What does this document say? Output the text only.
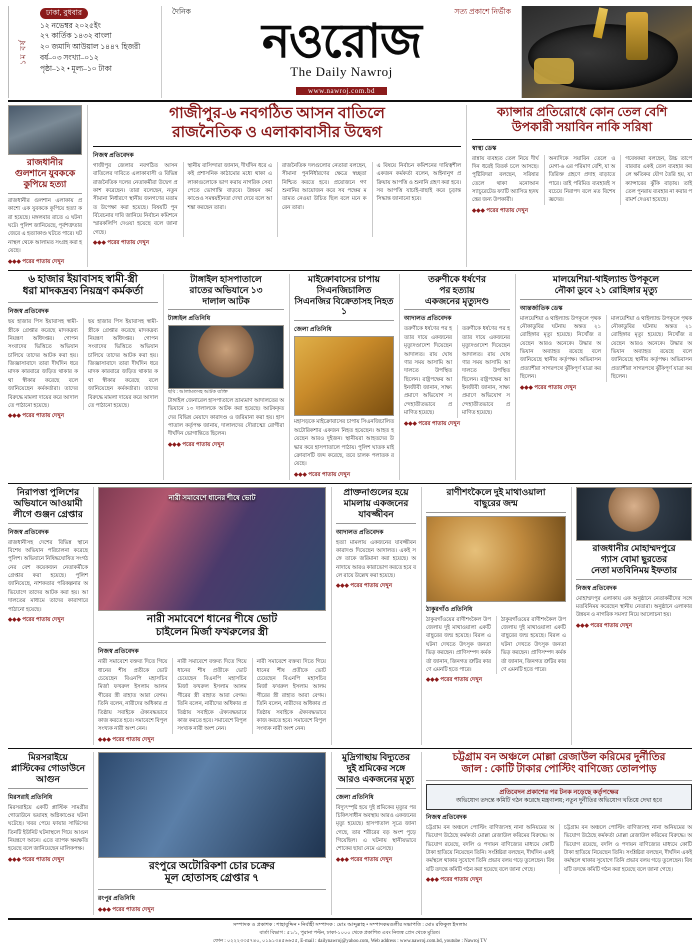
১ম বর্ষ
ঢাকা, বুধবার
১২ নভেম্বর ২০২৫ইং
২৭ কার্তিক ১৪৩২ বাংলা
২০ জমাদি আউয়াল ১৪৪৭ হিজরী
বর্ষ–০৩ সংখ্যা–০১২
পৃষ্ঠা–১২ • মূল্য–১০ টাকা
দৈনিক	সত্য প্রকাশে নির্ভীক
নওরোজ
The Daily Nawroj
www.nawroj.com.bd
রাজধানীর
গুলশানে যুবককে
কুপিয়ে হত্যা
রাজধানীর গুলশান এলাকায় প্রকাশ্যে এক যুবককে কুপিয়ে হত্যা করা হয়েছে। মঙ্গলবার রাতে এ ঘটনা ঘটে। পুলিশ জানিয়েছে, পূর্বশত্রুতার জেরে এ হত্যাকাণ্ড ঘটতে পারে। ঘটনাস্থল থেকে আলামত সংগ্রহ করা হয়েছে।
◆◆◆ পরের পাতায় দেখুন
গাজীপুর-৬ নবগঠিত আসন বাতিলে
রাজনৈতিক ও এলাকাবাসীর উদ্বেগ
নিজস্ব প্রতিবেদক
গাজীপুর জেলার নবগঠিত আসন বাতিলের দাবিতে এলাকাবাসী ও বিভিন্ন রাজনৈতিক দলের নেতাকর্মীরা উদ্বেগ প্রকাশ করেছেন। তারা বলেছেন, নতুন সীমানা নির্ধারণে স্থানীয় জনগণের মতামত উপেক্ষা করা হয়েছে। বিষয়টি পুনর্বিবেচনার দাবি জানিয়ে নির্বাচন কমিশনে স্মারকলিপি দেওয়া হয়েছে বলে জানা গেছে।
স্থানীয় বাসিন্দারা জানান, দীর্ঘদিন ধরে একই প্রশাসনিক কাঠামোর মধ্যে থাকা এলাকাগুলোকে ভাগ করায় নাগরিক সেবা পেতে ভোগান্তি বাড়বে। উন্নয়ন কর্মকাণ্ডেও সমন্বয়হীনতা দেখা দেবে বলে আশঙ্কা করছেন তারা।
রাজনৈতিক দলগুলোর নেতারা বলছেন, সীমানা পুনর্নির্ধারণের ক্ষেত্রে স্বচ্ছতা নিশ্চিত করতে হবে। প্রয়োজনে গণশুনানির আয়োজন করে সব পক্ষের মতামত নেওয়া উচিত ছিল বলে মনে করেন তারা।
এ বিষয়ে নির্বাচন কমিশনের দায়িত্বশীল একজন কর্মকর্তা বলেন, আইনানুগ প্রক্রিয়ায় আপত্তি ও শুনানি গ্রহণ করা হবে। সব আপত্তি যাচাই-বাছাই করে চূড়ান্ত সিদ্ধান্ত জানানো হবে।
◆◆◆ পরের পাতায় দেখুন
ক্যান্সার প্রতিরোধে কোন তেল বেশি
উপকারী সয়াবিন নাকি সরিষা
স্বাস্থ্য ডেস্ক
রান্নায় ব্যবহৃত তেল নিয়ে দীর্ঘদিন ধরেই বিতর্ক চলে আসছে। পুষ্টিবিদরা বলছেন, সরিষার তেলে থাকা মনোআনস্যাচুরেটেড ফ্যাটি অ্যাসিড হৃদযন্ত্রের জন্য উপকারী।
অন্যদিকে সয়াবিন তেলে ওমেগা-৬ এর পরিমাণ বেশি, যা অতিরিক্ত গ্রহণে প্রদাহ বাড়াতে পারে। তাই পরিমিত ব্যবহারই সবচেয়ে নিরাপদ বলে মত বিশেষজ্ঞদের।
গবেষকরা বলছেন, উচ্চ তাপে বারবার একই তেল ব্যবহার করলে ক্ষতিকর যৌগ তৈরি হয়, যা ক্যান্সারের ঝুঁকি বাড়ায়। তাই তেল পুনরায় ব্যবহার না করার পরামর্শ দেওয়া হয়েছে।
◆◆◆ পরের পাতায় দেখুন
৬ হাজার ইয়াবাসহ স্বামী-স্ত্রী
ধরা মাদকদ্রব্য নিয়ন্ত্রণ কর্মকর্তা
নিজস্ব প্রতিবেদক
ছয় হাজার পিস ইয়াবাসহ স্বামী-স্ত্রীকে গ্রেপ্তার করেছে মাদকদ্রব্য নিয়ন্ত্রণ অধিদপ্তর। গোপন সংবাদের ভিত্তিতে অভিযান চালিয়ে তাদের আটক করা হয়। জিজ্ঞাসাবাদে তারা দীর্ঘদিন ধরে মাদক কারবারে জড়িত থাকার কথা স্বীকার করেছে বলে জানিয়েছেন কর্মকর্তারা। তাদের বিরুদ্ধে মামলা দায়ের করে আদালতে পাঠানো হয়েছে।
ছয় হাজার পিস ইয়াবাসহ স্বামী-স্ত্রীকে গ্রেপ্তার করেছে মাদকদ্রব্য নিয়ন্ত্রণ অধিদপ্তর। গোপন সংবাদের ভিত্তিতে অভিযান চালিয়ে তাদের আটক করা হয়। জিজ্ঞাসাবাদে তারা দীর্ঘদিন ধরে মাদক কারবারে জড়িত থাকার কথা স্বীকার করেছে বলে জানিয়েছেন কর্মকর্তারা। তাদের বিরুদ্ধে মামলা দায়ের করে আদালতে পাঠানো হয়েছে।
◆◆◆ পরের পাতায় দেখুন
টাঙ্গাইল হাসপাতালে
রাতের অভিযানে ১৩
দালাল আটক
টাঙ্গাইল প্রতিনিধি
ছবি : আলামতসহ আটক ব্যক্তি
টাঙ্গাইল জেনারেল হাসপাতালে ভ্রাম্যমাণ আদালতের অভিযানে ১৩ দালালকে আটক করা হয়েছে। আটককৃতদের বিভিন্ন মেয়াদে কারাদণ্ড ও জরিমানা করা হয়। হাসপাতাল কর্তৃপক্ষ জানায়, দালালদের দৌরাত্ম্যে রোগীরা দীর্ঘদিন ভোগান্তিতে ছিলেন।
◆◆◆ পরের পাতায় দেখুন
মাইক্রোবাসের চাপায় সিএনজিচালিত
সিএনজির বিক্রেতাসহ নিহত ১
জেলা প্রতিনিধি
মহাসড়কে মাইক্রোবাসের চাপায় সিএনজিচালিত অটোরিকশার একজন নিহত হয়েছেন। আহত হয়েছেন আরও দুইজন। স্থানীয়রা আহতদের উদ্ধার করে হাসপাতালে পাঠায়। পুলিশ ঘাতক মাইক্রোবাসটি জব্দ করেছে, তবে চালক পলাতক রয়েছে।
◆◆◆ পরের পাতায় দেখুন
তরুণীকে ধর্ষণের
পর হত্যায়
একজনের মৃত্যুদণ্ড
আদালত প্রতিবেদক
তরুণীকে ধর্ষণের পর হত্যার দায়ে একজনের মৃত্যুদণ্ডাদেশ দিয়েছেন আদালত। রায় ঘোষণার সময় আসামি আদালতে উপস্থিত ছিলেন। রাষ্ট্রপক্ষের আইনজীবী জানান, সাক্ষ্যপ্রমাণে অভিযোগ সন্দেহাতীতভাবে প্রমাণিত হয়েছে।
তরুণীকে ধর্ষণের পর হত্যার দায়ে একজনের মৃত্যুদণ্ডাদেশ দিয়েছেন আদালত। রায় ঘোষণার সময় আসামি আদালতে উপস্থিত ছিলেন। রাষ্ট্রপক্ষের আইনজীবী জানান, সাক্ষ্যপ্রমাণে অভিযোগ সন্দেহাতীতভাবে প্রমাণিত হয়েছে।
◆◆◆ পরের পাতায় দেখুন
মালয়েশিয়া-থাইল্যান্ড উপকূলে
নৌকা ডুবে ২১ রোহিঙ্গার মৃত্যু
আন্তর্জাতিক ডেস্ক
মালয়েশিয়া ও থাইল্যান্ড উপকূলে পৃথক নৌকাডুবির ঘটনায় অন্তত ২১ রোহিঙ্গার মৃত্যু হয়েছে। নিখোঁজ রয়েছেন আরও অনেকে। উদ্ধার অভিযান অব্যাহত রয়েছে বলে জানিয়েছে স্থানীয় কর্তৃপক্ষ। অভিবাসনপ্রত্যাশীরা সাগরপথে ঝুঁকিপূর্ণ যাত্রা করছিলেন।
মালয়েশিয়া ও থাইল্যান্ড উপকূলে পৃথক নৌকাডুবির ঘটনায় অন্তত ২১ রোহিঙ্গার মৃত্যু হয়েছে। নিখোঁজ রয়েছেন আরও অনেকে। উদ্ধার অভিযান অব্যাহত রয়েছে বলে জানিয়েছে স্থানীয় কর্তৃপক্ষ। অভিবাসনপ্রত্যাশীরা সাগরপথে ঝুঁকিপূর্ণ যাত্রা করছিলেন।
◆◆◆ পরের পাতায় দেখুন
নিরাপত্তা পুলিশের
অভিযানে আওয়ামী
লীগে গুঞ্জন গ্রেপ্তার
নিজস্ব প্রতিবেদক
রাজধানীসহ দেশের বিভিন্ন স্থানে বিশেষ অভিযান পরিচালনা করেছে পুলিশ। অভিযানে নিষিদ্ধঘোষিত সংগঠনের বেশ কয়েকজন নেতাকর্মীকে গ্রেপ্তার করা হয়েছে। পুলিশ জানিয়েছে, নাশকতার পরিকল্পনার অভিযোগে তাদের আটক করা হয়। আদালতের মাধ্যমে তাদের কারাগারে পাঠানো হয়েছে।
◆◆◆ পরের পাতায় দেখুন
নারী সমাবেশে ধানের শীষে ভোট
নারী সমাবেশে ধানের শীষে ভোট
চাইলেন মির্জা ফখরুলের স্ত্রী
নিজস্ব প্রতিবেদক
নারী সমাবেশে বক্তব্য দিতে গিয়ে ধানের শীষ প্রতীকে ভোট চেয়েছেন বিএনপি মহাসচিব মির্জা ফখরুল ইসলাম আলমগীরের স্ত্রী রাহাত আরা বেগম। তিনি বলেন, নারীদের অধিকার প্রতিষ্ঠায় সবাইকে ঐক্যবদ্ধভাবে কাজ করতে হবে। সমাবেশে বিপুলসংখ্যক নারী অংশ নেন।
নারী সমাবেশে বক্তব্য দিতে গিয়ে ধানের শীষ প্রতীকে ভোট চেয়েছেন বিএনপি মহাসচিব মির্জা ফখরুল ইসলাম আলমগীরের স্ত্রী রাহাত আরা বেগম। তিনি বলেন, নারীদের অধিকার প্রতিষ্ঠায় সবাইকে ঐক্যবদ্ধভাবে কাজ করতে হবে। সমাবেশে বিপুলসংখ্যক নারী অংশ নেন।
নারী সমাবেশে বক্তব্য দিতে গিয়ে ধানের শীষ প্রতীকে ভোট চেয়েছেন বিএনপি মহাসচিব মির্জা ফখরুল ইসলাম আলমগীরের স্ত্রী রাহাত আরা বেগম। তিনি বলেন, নারীদের অধিকার প্রতিষ্ঠায় সবাইকে ঐক্যবদ্ধভাবে কাজ করতে হবে। সমাবেশে বিপুলসংখ্যক নারী অংশ নেন।
◆◆◆ পরের পাতায় দেখুন
প্রাক্তনাগুলের হয়ে
মামলায় একজনের
যাবজ্জীবন
আদালত প্রতিবেদক
হত্যা মামলায় একজনের যাবজ্জীবন কারাদণ্ড দিয়েছেন আদালত। একই সঙ্গে তাকে জরিমানা করা হয়েছে। অনাদায়ে আরও কারাভোগ করতে হবে বলে রায়ে উল্লেখ করা হয়েছে।
◆◆◆ পরের পাতায় দেখুন
রাণীশংকৈলে দুই মাথাওয়ালা
বাছুরের জন্ম
ঠাকুরগাঁও প্রতিনিধি
ঠাকুরগাঁওয়ের রাণীশংকৈল উপজেলায় দুই মাথাওয়ালা একটি বাছুরের জন্ম হয়েছে। বিরল এ ঘটনা দেখতে উৎসুক জনতা ভিড় করছেন। প্রাণিসম্পদ কর্মকর্তা জানান, জিনগত ত্রুটির কারণে এমনটি হতে পারে।
ঠাকুরগাঁওয়ের রাণীশংকৈল উপজেলায় দুই মাথাওয়ালা একটি বাছুরের জন্ম হয়েছে। বিরল এ ঘটনা দেখতে উৎসুক জনতা ভিড় করছেন। প্রাণিসম্পদ কর্মকর্তা জানান, জিনগত ত্রুটির কারণে এমনটি হতে পারে।
◆◆◆ পরের পাতায় দেখুন
রাজধানীর মোহাম্মদপুরে
গ্যাস বোমা ছুরতের
নেতা মতবিনিময় ইফতার
নিজস্ব প্রতিবেদক
মোহাম্মদপুর এলাকায় এক অনুষ্ঠানে নেতাকর্মীদের সঙ্গে মতবিনিময় করেছেন স্থানীয় নেতারা। অনুষ্ঠানে এলাকার উন্নয়ন ও নাগরিক সমস্যা নিয়ে আলোচনা হয়।
◆◆◆ পরের পাতায় দেখুন
মিরসরাইয়ে
প্লাস্টিকের গোডাউনে
আগুন
মিরসরাই প্রতিনিধি
মিরসরাইয়ে একটি প্লাস্টিক সামগ্রীর গোডাউনে ভয়াবহ অগ্নিকাণ্ডের ঘটনা ঘটেছে। খবর পেয়ে ফায়ার সার্ভিসের তিনটি ইউনিট ঘটনাস্থলে গিয়ে আগুন নিয়ন্ত্রণে আনে। এতে ব্যাপক ক্ষয়ক্ষতি হয়েছে বলে জানিয়েছেন মালিকপক্ষ।
◆◆◆ পরের পাতায় দেখুন
রংপুরে অটোরিকশা চোর চক্রের
মূল হোতাসহ গ্রেপ্তার ৭
রংপুর প্রতিনিধি
◆◆◆ পরের পাতায় দেখুন
মুদ্রিগাছায় বিদ্যুতের
দুই শ্রমিকের সঙ্গে
আরও একজনের মৃত্যু
জেলা প্রতিনিধি
বিদ্যুৎস্পৃষ্ট হয়ে দুই শ্রমিকের মৃত্যুর পর চিকিৎসাধীন অবস্থায় আরও একজনের মৃত্যু হয়েছে। হাসপাতাল সূত্রে জানা গেছে, তার শরীরের বড় অংশ পুড়ে গিয়েছিল। এ ঘটনায় স্থানীয়ভাবে শোকের ছায়া নেমে এসেছে।
◆◆◆ পরের পাতায় দেখুন
চট্টগ্রাম বন অঞ্চলে মোল্লা রেজাউল করিমের দুর্নীতির
জাল : কোটি টাকার পোস্টিং বাণিজ্যে তোলপাড়
প্রতিবেদন প্রকাশের পর টনক নড়েছে কর্তৃপক্ষের
অভিযোগ তদন্তে কমিটি গঠন করেছে মন্ত্রণালয়; নতুন দুর্নীতির অভিযোগ খতিয়ে দেখা হবে
নিজস্ব প্রতিবেদক
চট্টগ্রাম বন অঞ্চলে পোস্টিং বাণিজ্যসহ নানা অনিয়মের অভিযোগ উঠেছে কর্মকর্তা মোল্লা রেজাউল করিমের বিরুদ্ধে। অভিযোগ রয়েছে, বদলি ও পদায়ন বাণিজ্যের মাধ্যমে কোটি টাকা হাতিয়ে নিয়েছেন তিনি। সংশ্লিষ্টরা বলছেন, দীর্ঘদিন একই কর্মস্থলে থাকার সুযোগে তিনি প্রভাব বলয় গড়ে তুলেছেন। বিষয়টি তদন্তে কমিটি গঠন করা হয়েছে বলে জানা গেছে।
চট্টগ্রাম বন অঞ্চলে পোস্টিং বাণিজ্যসহ নানা অনিয়মের অভিযোগ উঠেছে কর্মকর্তা মোল্লা রেজাউল করিমের বিরুদ্ধে। অভিযোগ রয়েছে, বদলি ও পদায়ন বাণিজ্যের মাধ্যমে কোটি টাকা হাতিয়ে নিয়েছেন তিনি। সংশ্লিষ্টরা বলছেন, দীর্ঘদিন একই কর্মস্থলে থাকার সুযোগে তিনি প্রভাব বলয় গড়ে তুলেছেন। বিষয়টি তদন্তে কমিটি গঠন করা হয়েছে বলে জানা গেছে।
◆◆◆ পরের পাতায় দেখুন
সম্পাদক ও প্রকাশক : শাহাবুদ্দিন • নির্বাহী সম্পাদক : মোঃ আব্দুল্লাহ • সম্পাদকমণ্ডলীর সভাপতি : মোঃ রফিকুল ইসলাম
বার্তা বিভাগ : ৫১/১, পুরানা পল্টন, ঢাকা-১০০০ থেকে প্রকাশিত এবং নিজস্ব প্রেস থেকে মুদ্রিত।
ফোন : ০২২২৩৩৫৭৪০, ০১৯১৩৪৫৬৬৫৫, E-mail : dailynawroj@yahoo.com, Web address : www.nawroj.com.bd, youtube : Nawroj TV
